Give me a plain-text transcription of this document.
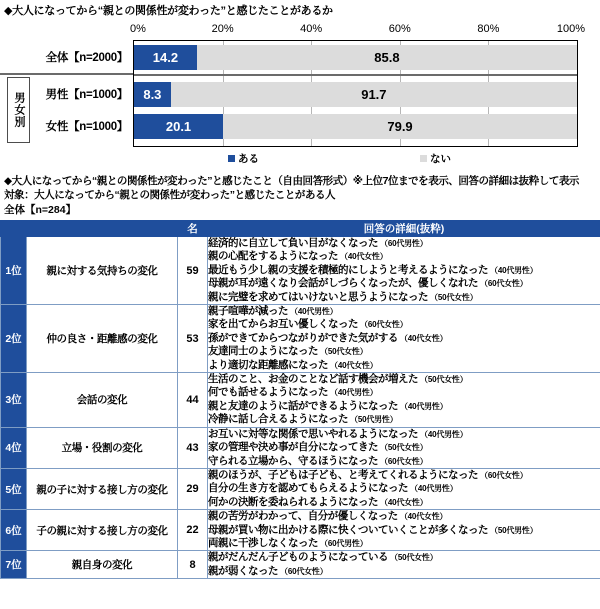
◆大人になってから“親との関係性が変わった”と感じたことがあるか
0%	20%	40%	60%	80%	100%
14.2	85.8
8.3	91.7
20.1	79.9
全体【n=2000】
男性【n=1000】
女性【n=1000】
男女別
ある	ない
◆大人になってから“親との関係性が変わった”と感じたこと（自由回答形式）※上位7位までを表示、回答の詳細は抜粋して表示
対象：大人になってから“親との関係性が変わった”と感じたことがある人
全体【n=284】
		名	回答の詳細(抜粋)
1位	親に対する気持ちの変化	59	経済的に自立して負い目がなくなった （60代男性）
親の心配をするようになった （40代女性）
最近もう少し親の支援を積極的にしようと考えるようになった （40代男性）
母親が耳が遠くなり会話がしづらくなったが、優しくなれた （60代女性）
親に完璧を求めてはいけないと思うようになった （50代女性）

2位	仲の良さ・距離感の変化	53	親子喧嘩が減った （40代男性）
家を出てからお互い優しくなった （60代女性）
孫ができてからつながりができた気がする （40代女性）
友達同士のようになった （50代女性）
より適切な距離感になった （40代女性）

3位	会話の変化	44	生活のこと、お金のことなど話す機会が増えた （50代女性）
何でも話せるようになった （40代男性）
親と友達のように話ができるようになった （40代男性）
冷静に話し合えるようになった （50代男性）

4位	立場・役割の変化	43	お互いに対等な関係で思いやれるようになった （40代男性）
家の管理や決め事が自分になってきた （50代女性）
守られる立場から、守るほうになった （60代女性）

5位	親の子に対する接し方の変化	29	親のほうが、子どもは子ども、と考えてくれるようになった （60代女性）
自分の生き方を認めてもらえるようになった （40代男性）
何かの決断を委ねられるようになった （40代女性）

6位	子の親に対する接し方の変化	22	親の苦労がわかって、自分が優しくなった （40代女性）
母親が買い物に出かける際に快くついていくことが多くなった （50代男性）
両親に干渉しなくなった （60代男性）

7位	親自身の変化	8	親がだんだん子どものようになっている （50代女性）
親が弱くなった （60代女性）
